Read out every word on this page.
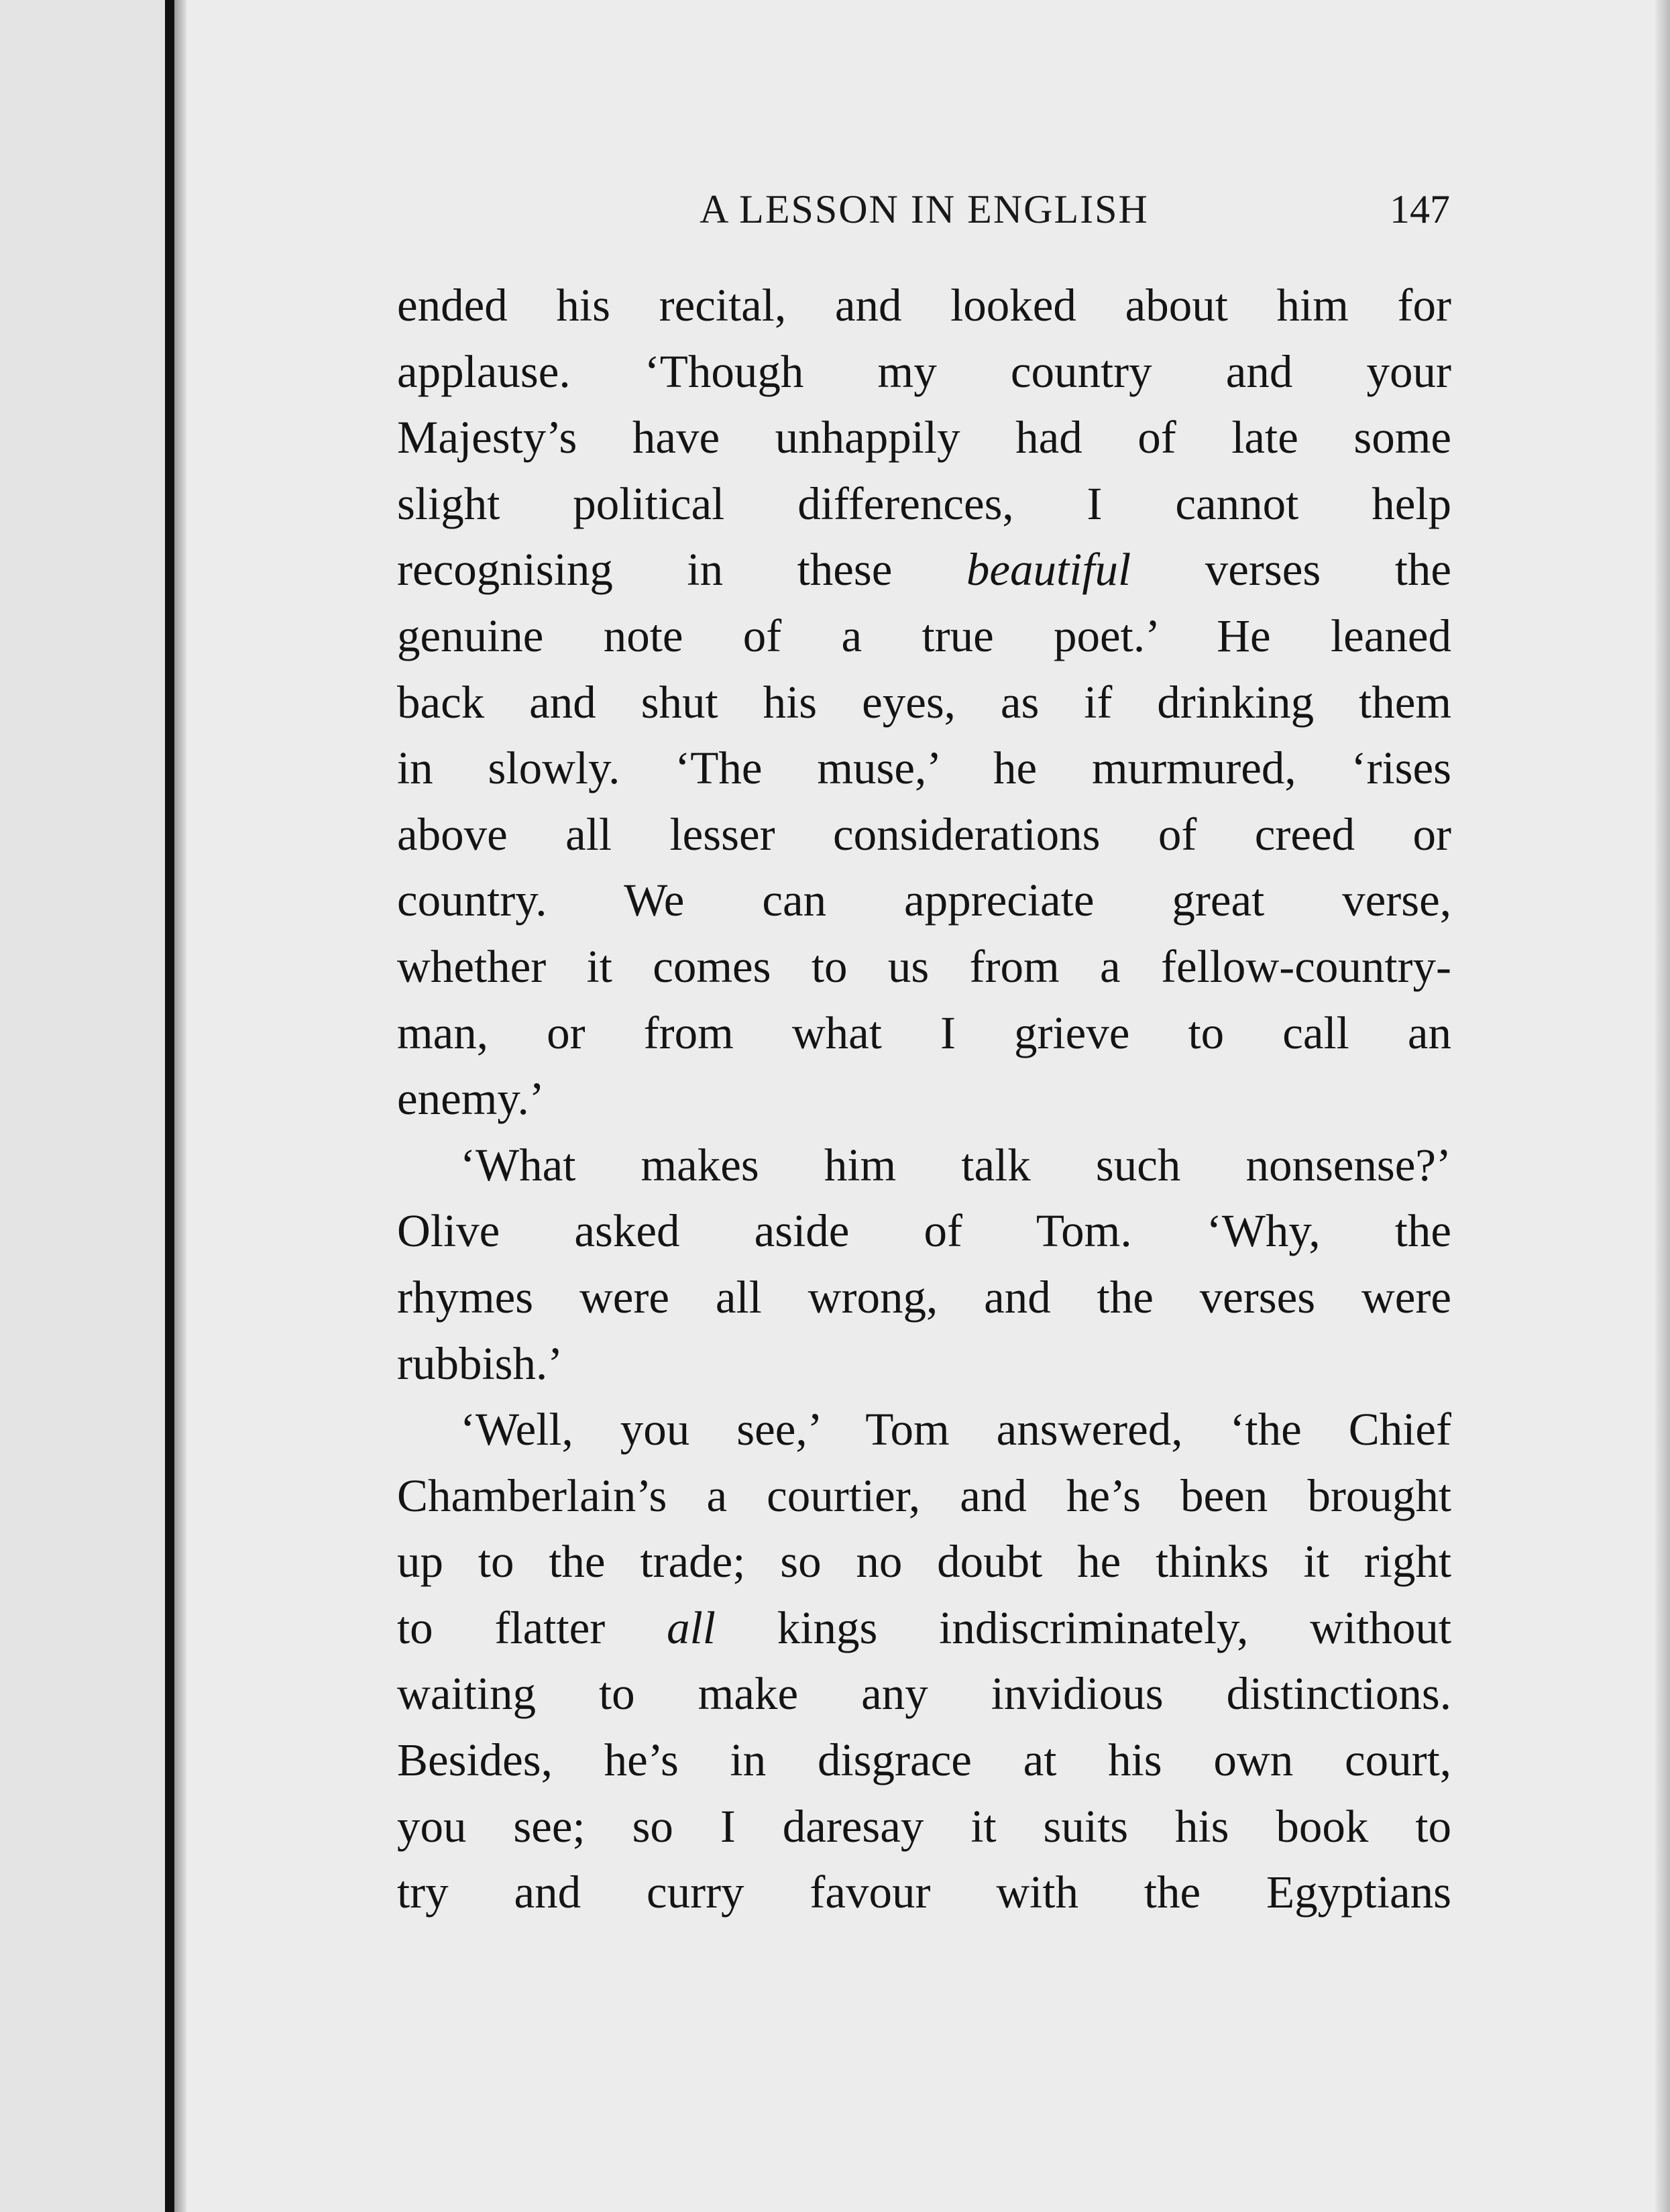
A LESSON IN ENGLISH	147
ended his recital, and looked about him for
applause. ‘Though my country and your
Majesty’s have unhappily had of late some
slight political differences, I cannot help
recognising in these beautiful verses the
genuine note of a true poet.’ He leaned
back and shut his eyes, as if drinking them
in slowly. ‘The muse,’ he murmured, ‘rises
above all lesser considerations of creed or
country. We can appreciate great verse,
whether it comes to us from a fellow-country-
man, or from what I grieve to call an
enemy.’
‘What makes him talk such nonsense?’
Olive asked aside of Tom. ‘Why, the
rhymes were all wrong, and the verses were
rubbish.’
‘Well, you see,’ Tom answered, ‘the Chief
Chamberlain’s a courtier, and he’s been brought
up to the trade; so no doubt he thinks it right
to flatter all kings indiscriminately, without
waiting to make any invidious distinctions.
Besides, he’s in disgrace at his own court,
you see; so I daresay it suits his book to
try and curry favour with the Egyptians
